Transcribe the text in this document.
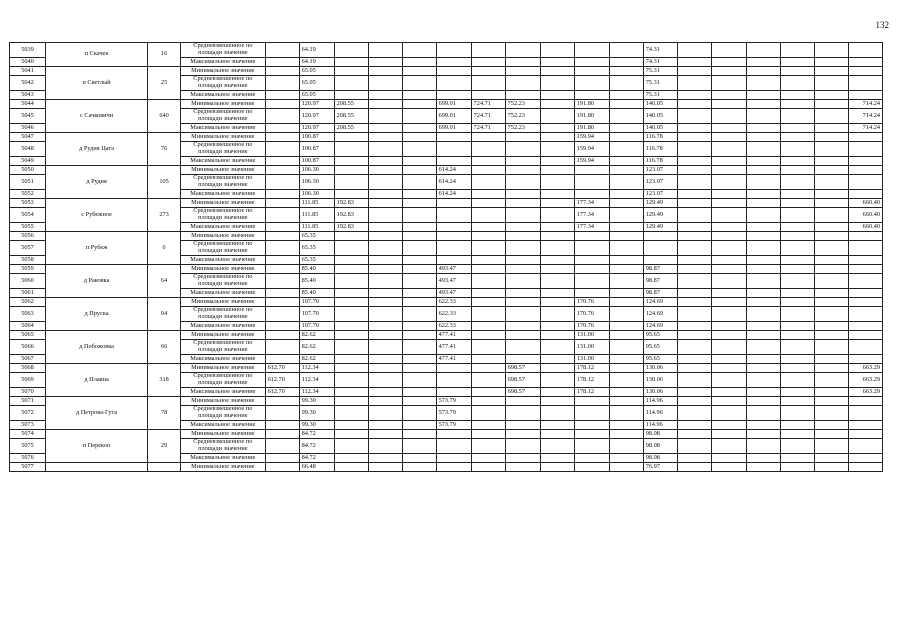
132
5039	п Скачек	16	Средневзвешенное по площади значение		64.19										74.31						
5040			Максимальное значение		64.19										74.31						
5041	п Светлый	25	Минимальное значение		65.05										75.31						
5042			Средневзвешенное по площади значение		65.05										75.31						
5043			Максимальное значение		65.05										75.31						
5044	с Сачковичи	640	Минимальное значение		120.97	208.55			699.01	724.71	752.23		191.80		140.05						714.24
5045			Средневзвешенное по площади значение		120.97	208.55			699.01	724.71	752.23		191.80		140.05						714.24
5046			Максимальное значение		120.97	208.55			699.01	724.71	752.23		191.80		140.05						714.24
5047	д Рудня Цата	76	Минимальное значение		100.87								159.94		116.78						
5048			Средневзвешенное по площади значение		100.87								159.94		116.78						
5049			Максимальное значение		100.87								159.94		116.78						
5050	д Рудня	105	Минимальное значение		106.30				614.24						123.07						
5051			Средневзвешенное по площади значение		106.30				614.24						123.07						
5052			Максимальное значение		106.30				614.24						123.07						
5053	с Рубежное	273	Минимальное значение		111.85	192.83							177.34		129.49						660.40
5054			Средневзвешенное по площади значение		111.85	192.83							177.34		129.49						660.40
5055			Максимальное значение		111.85	192.83							177.34		129.49						660.40
5056	п Рубеж	6	Минимальное значение		65.35																
5057			Средневзвешенное по площади значение		65.35																
5058			Максимальное значение		65.35																
5059	д Раковка	64	Минимальное значение		85.40				493.47						98.87						
5060			Средневзвешенное по площади значение		85.40				493.47						98.87						
5061			Максимальное значение		85.40				493.47						98.87						
5062	д Пруска	94	Минимальное значение		107.70				622.33				170.76		124.69						
5063			Средневзвешенное по площади значение		107.70				622.33				170.76		124.69						
5064			Максимальное значение		107.70				622.33				170.76		124.69						
5065	д Побожовка	66	Минимальное значение		82.62				477.41				131.00		95.65						
5066			Средневзвешенное по площади значение		82.62				477.41				131.00		95.65						
5067			Максимальное значение		82.62				477.41				131.00		95.65						
5068	д Плавна	318	Минимальное значение	612.70	112.34						698.57		178.12		130.06						663.29
5069			Средневзвешенное по площади значение	612.70	112.34						698.57		178.12		130.06						663.29
5070			Максимальное значение	612.70	112.34						698.57		178.12		130.06						663.29
5071	д Петрова-Гута	78	Минимальное значение		99.30				573.79						114.96						
5072			Средневзвешенное по площади значение		99.30				573.79						114.96						
5073			Максимальное значение		99.30				573.79						114.96						
5074	п Перекоп	29	Минимальное значение		84.72										98.08						
5075			Средневзвешенное по площади значение		84.72										98.08						
5076			Максимальное значение		84.72										98.08						
5077			Минимальное значение		66.48										76.97						
